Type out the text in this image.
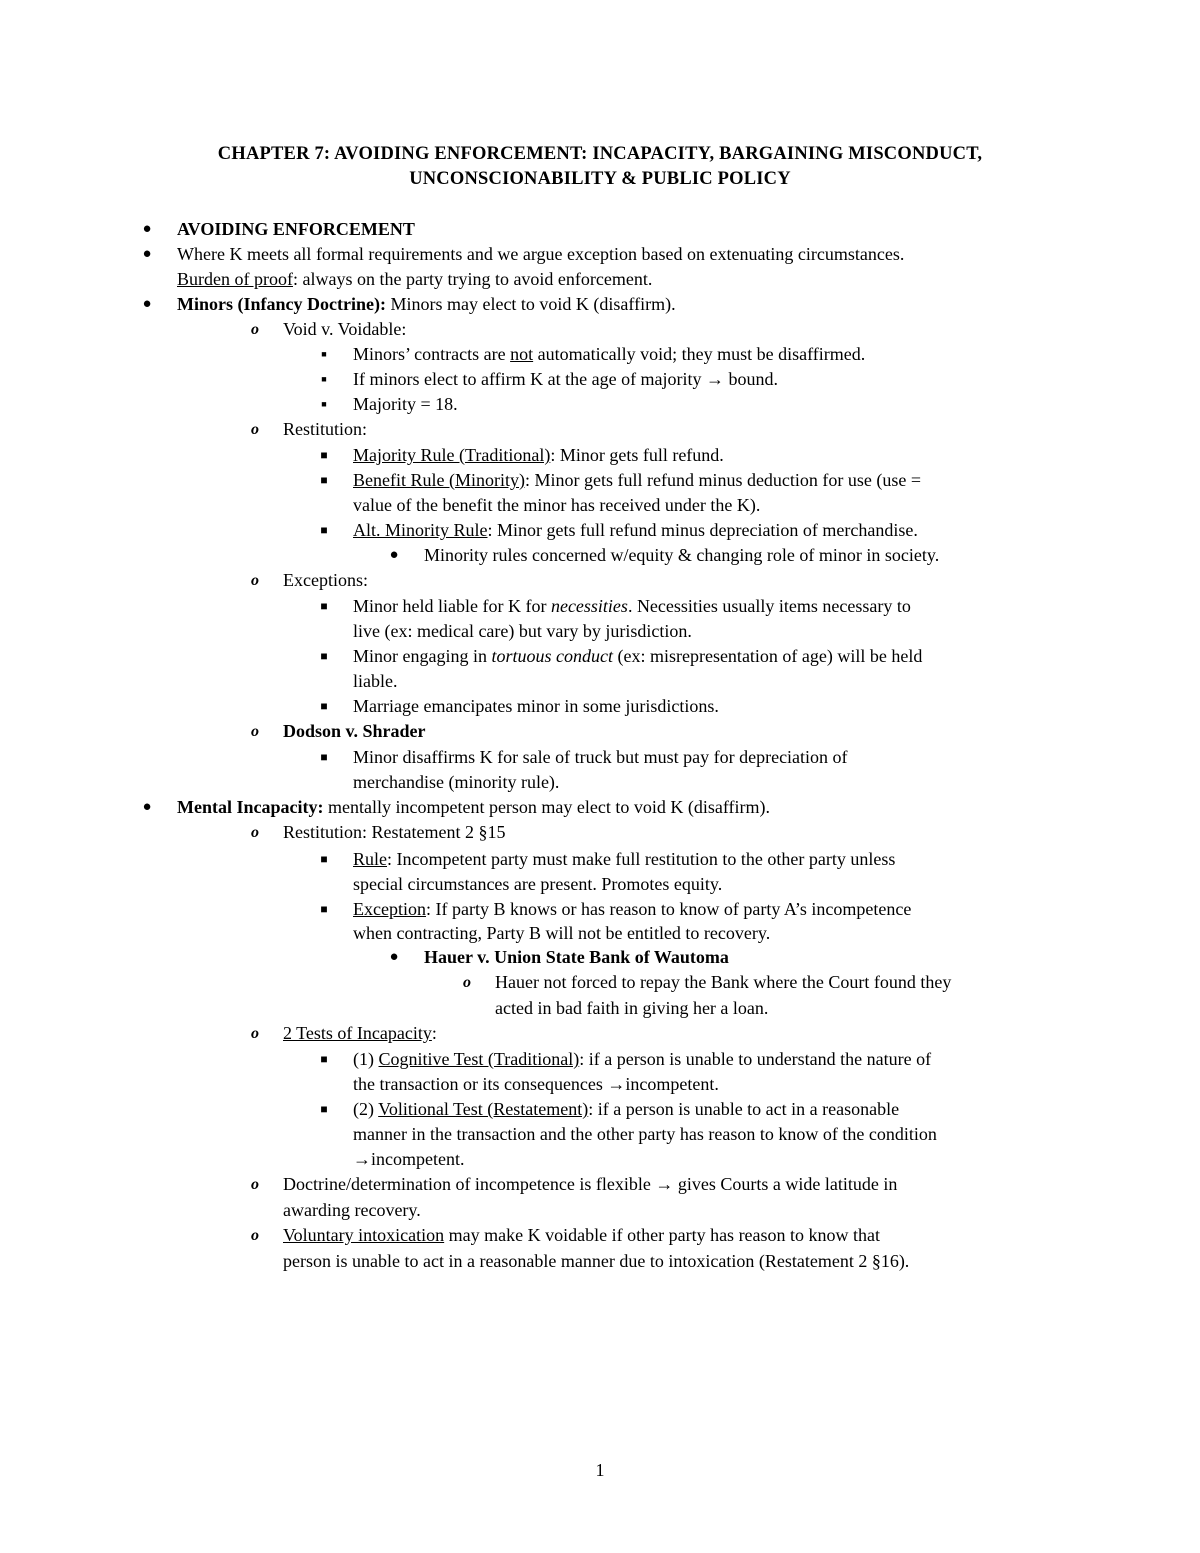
CHAPTER 7: AVOIDING ENFORCEMENT: INCAPACITY, BARGAINING MISCONDUCT,
UNCONSCIONABILITY & PUBLIC POLICY
●	AVOIDING ENFORCEMENT
●	Where K meets all formal requirements and we argue exception based on extenuating circumstances.
Burden of proof: always on the party trying to avoid enforcement.
●	Minors (Infancy Doctrine): Minors may elect to void K (disaffirm).
o	Void v. Voidable:
■	Minors’ contracts are not automatically void; they must be disaffirmed.
■	If minors elect to affirm K at the age of majority → bound.
■	Majority = 18.
o	Restitution:
■	Majority Rule (Traditional): Minor gets full refund.
■	Benefit Rule (Minority): Minor gets full refund minus deduction for use (use =
value of the benefit the minor has received under the K).
■	Alt. Minority Rule: Minor gets full refund minus depreciation of merchandise.
●	Minority rules concerned w/equity & changing role of minor in society.
o	Exceptions:
■	Minor held liable for K for necessities. Necessities usually items necessary to
live (ex: medical care) but vary by jurisdiction.
■	Minor engaging in tortuous conduct (ex: misrepresentation of age) will be held
liable.
■	Marriage emancipates minor in some jurisdictions.
o	Dodson v. Shrader
■	Minor disaffirms K for sale of truck but must pay for depreciation of
merchandise (minority rule).
●	Mental Incapacity: mentally incompetent person may elect to void K (disaffirm).
o	Restitution: Restatement 2 §15
■	Rule: Incompetent party must make full restitution to the other party unless
special circumstances are present. Promotes equity.
■	Exception: If party B knows or has reason to know of party A’s incompetence
when contracting, Party B will not be entitled to recovery.
●	Hauer v. Union State Bank of Wautoma
o	Hauer not forced to repay the Bank where the Court found they
acted in bad faith in giving her a loan.
o	2 Tests of Incapacity:
■	(1) Cognitive Test (Traditional): if a person is unable to understand the nature of
the transaction or its consequences →incompetent.
■	(2) Volitional Test (Restatement): if a person is unable to act in a reasonable
manner in the transaction and the other party has reason to know of the condition
→incompetent.
o	Doctrine/determination of incompetence is flexible → gives Courts a wide latitude in
awarding recovery.
o	Voluntary intoxication may make K voidable if other party has reason to know that
person is unable to act in a reasonable manner due to intoxication (Restatement 2 §16).
1
